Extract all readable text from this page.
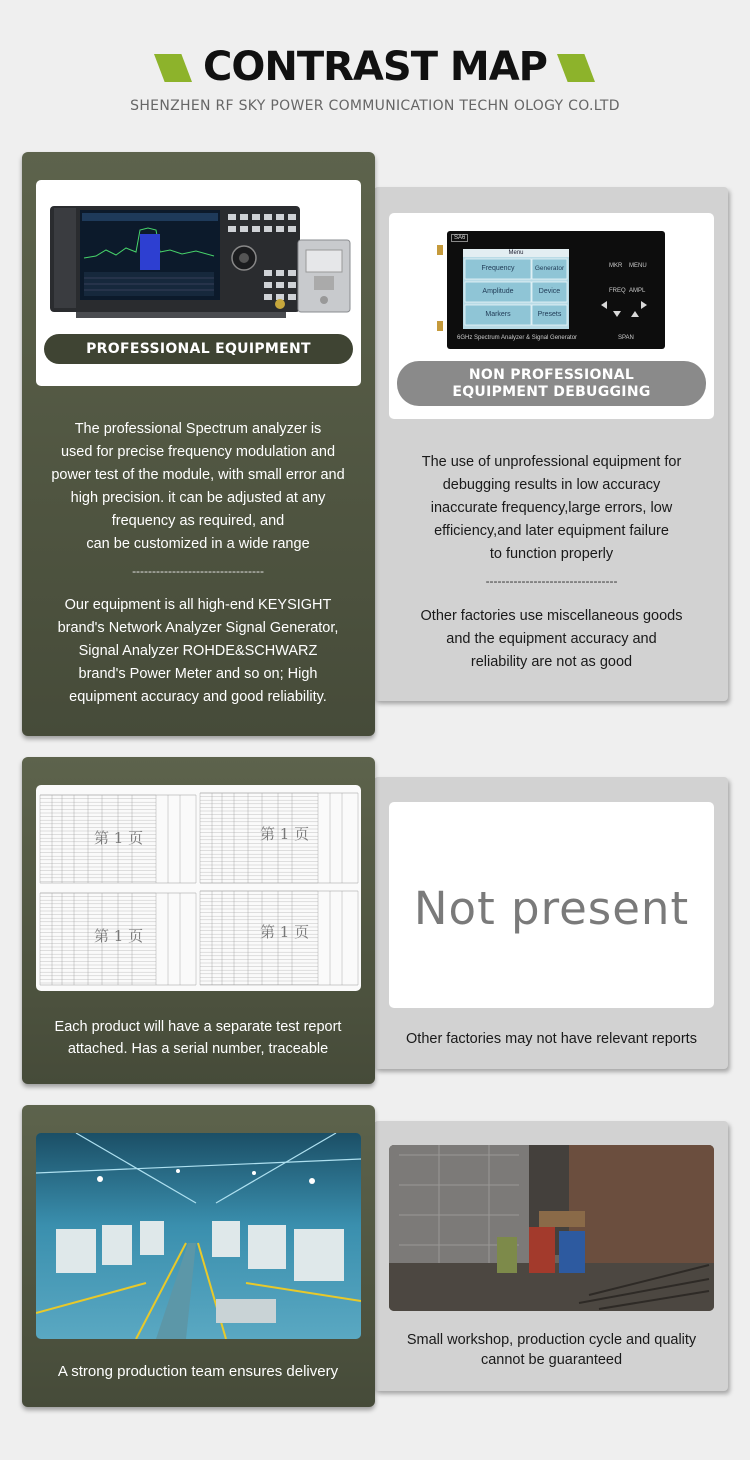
CONTRAST MAP
SHENZHEN RF SKY POWER COMMUNICATION TECHN OLOGY CO.LTD
PROFESSIONAL EQUIPMENT DEBUGGING
The professional Spectrum analyzer is
used for precise frequency modulation and
power test of the module, with small error and
high precision. it can be adjusted at any
frequency as required, and
can be customized in a wide range
---------------------------------
Our equipment is all high-end KEYSIGHT
brand's Network Analyzer Signal Generator,
Signal Analyzer ROHDE&SCHWARZ
brand's Power Meter and so on; High
equipment accuracy and good reliability.
SA6
Menu
Frequency	Generator
Amplitude	Device
Markers	Presets
MKR MENU
FREQ AMPL
SPAN
6GHz Spectrum Analyzer & Signal Generator
NON PROFESSIONAL
EQUIPMENT DEBUGGING
The use of unprofessional equipment for
debugging results in low accuracy
inaccurate frequency,large errors, low
efficiency,and later equipment failure
to function properly
---------------------------------
Other factories use miscellaneous goods
and the equipment accuracy and
reliability are not as good
第 1 页	第 1 页
第 1 页	第 1 页
Each product will have a separate test report
attached. Has a serial number, traceable
Not present
Other factories may not have relevant reports
A strong production team ensures delivery
Small workshop, production cycle and quality
cannot be guaranteed
